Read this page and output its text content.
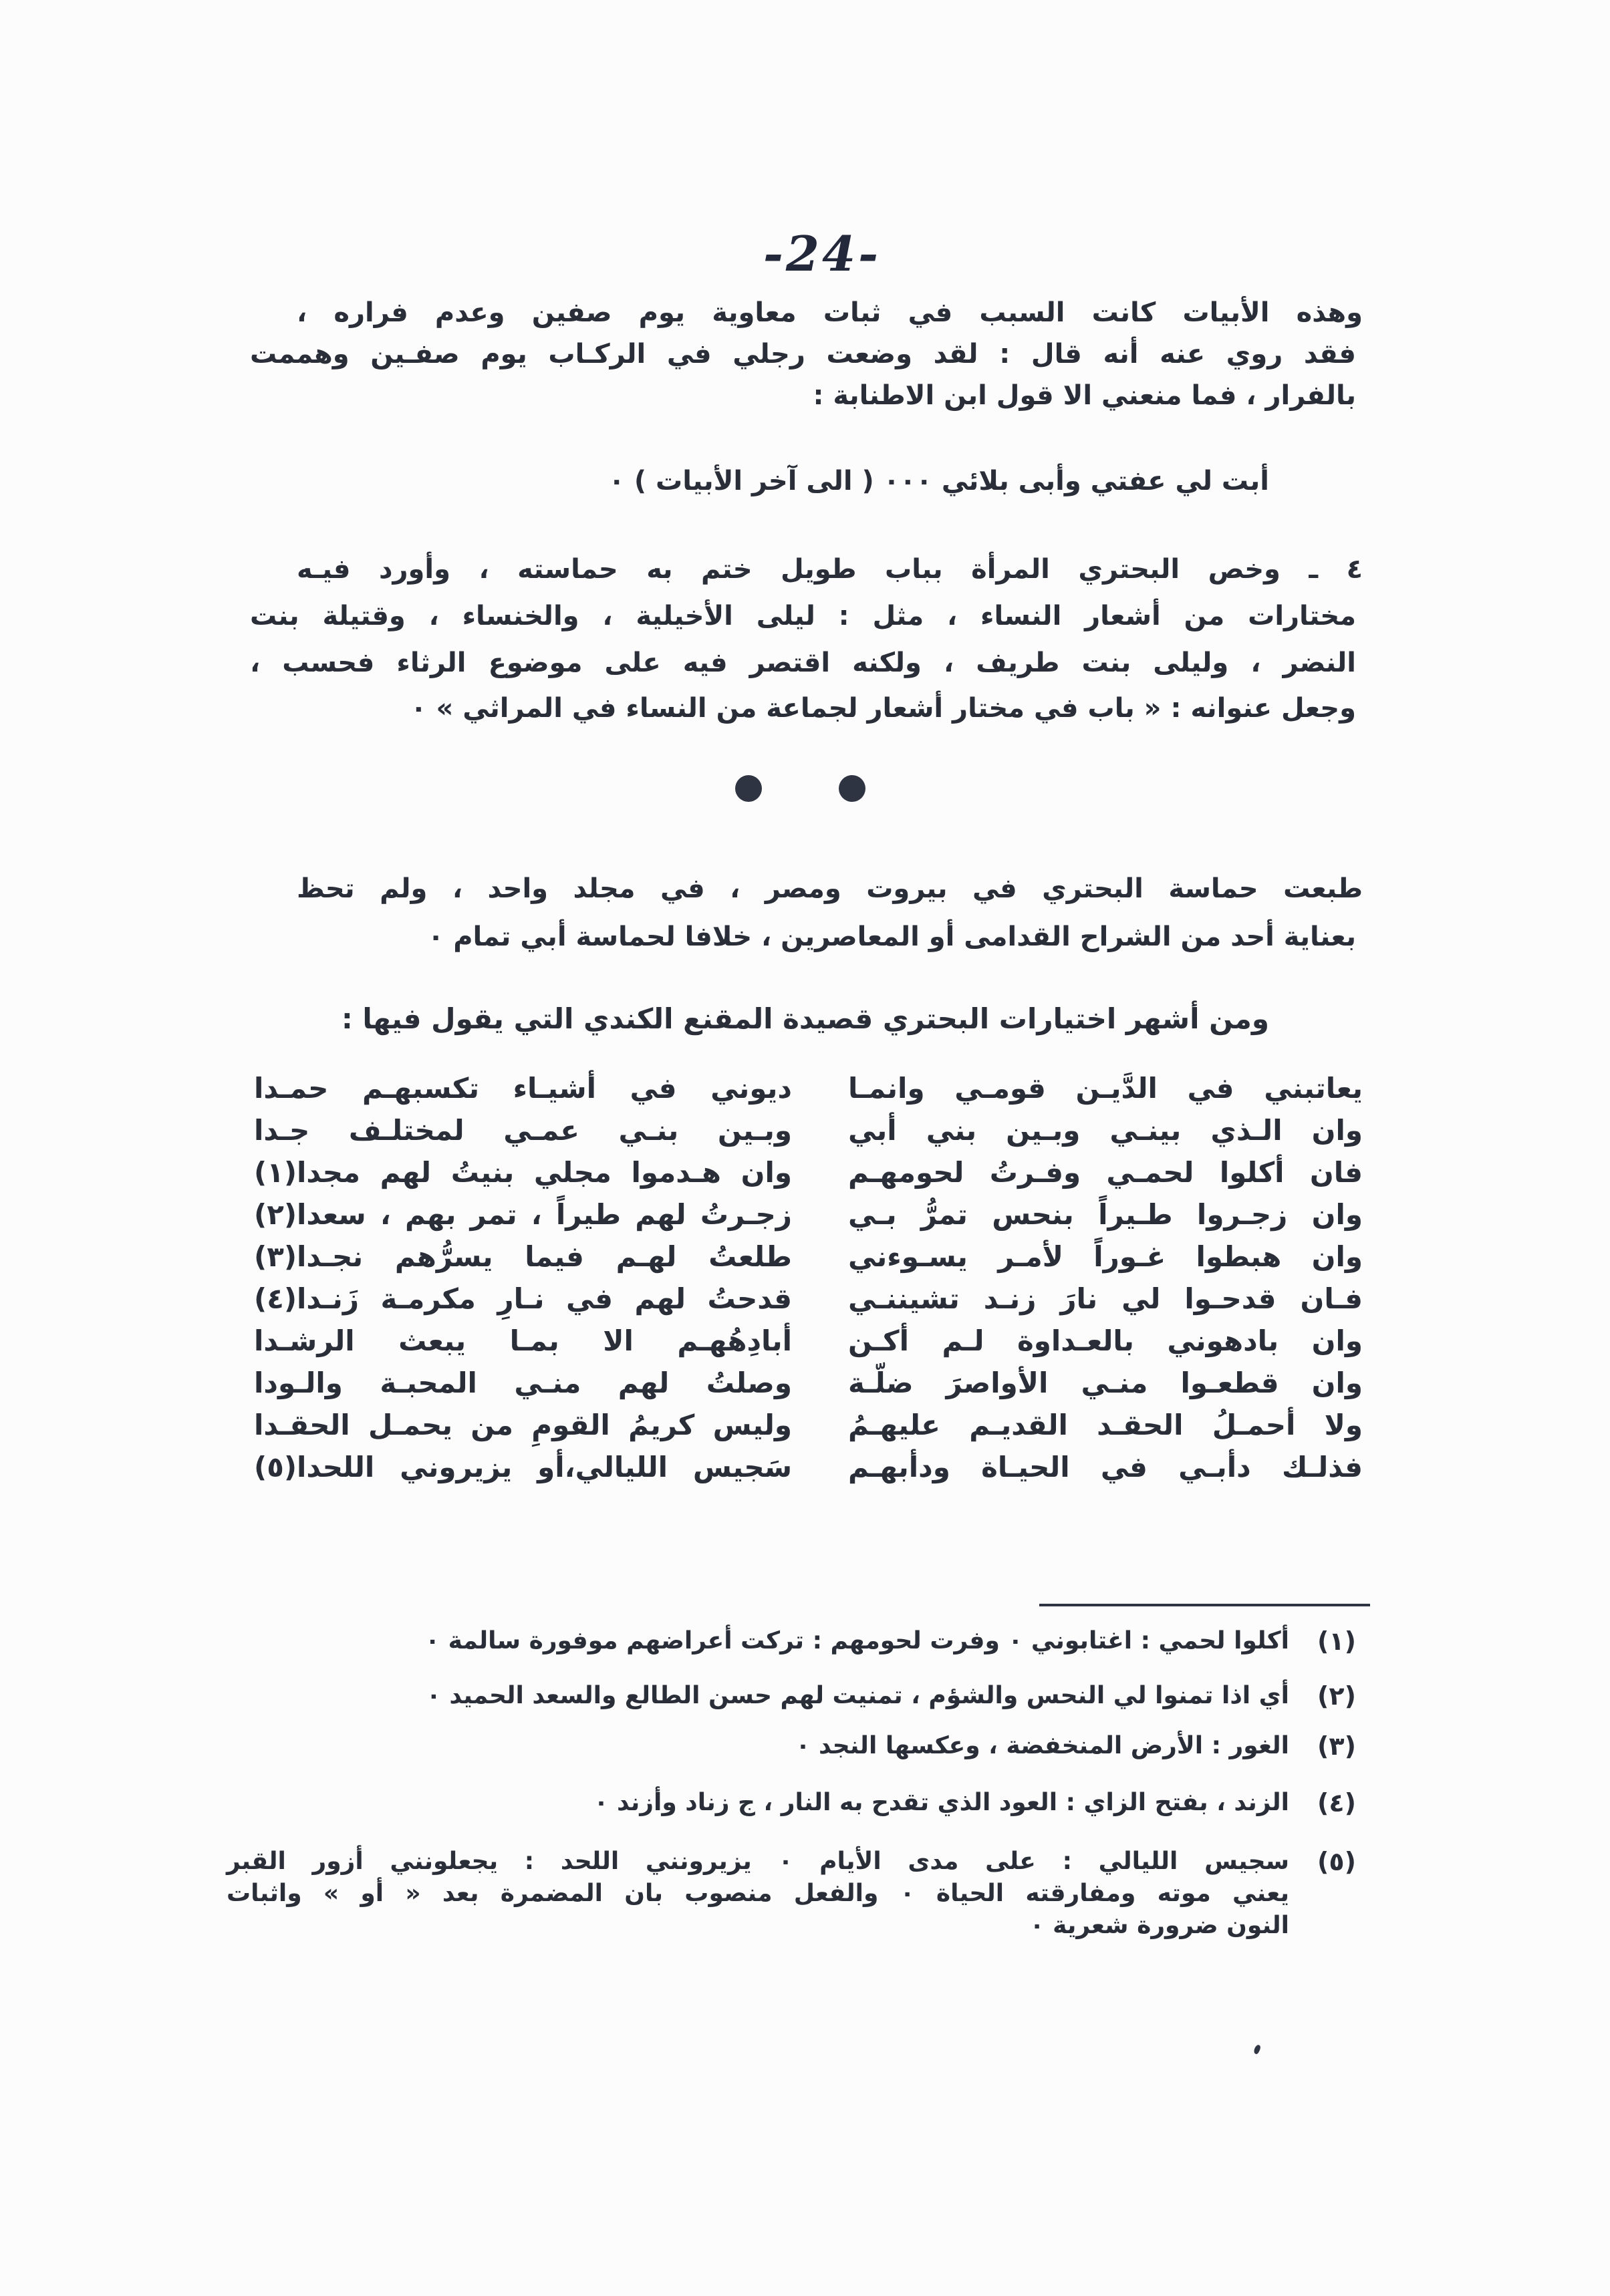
-24-
وهذه الأبيات كانت السبب في ثبات معاوية يوم صفين وعدم فراره ،
فقد روي عنه أنه قال : لقد وضعت رجلي في الركـاب يوم صفـين وهممت
بالفرار ، فما منعني الا قول ابن الاطنابة :
أبت لي عفتي وأبى بلائي ٠٠٠ ( الى آخر الأبيات ) ٠
٤ ـ وخص البحتري المرأة بباب طويل ختم به حماسته ، وأورد فيـه
مختارات من أشعار النساء ، مثل : ليلى الأخيلية ، والخنساء ، وقتيلة بنت
النضر ، وليلى بنت طريف ، ولكنه اقتصر فيه على موضوع الرثاء فحسب ،
وجعل عنوانه : « باب في مختار أشعار لجماعة من النساء في المراثي » ٠
طبعت حماسة البحتري في بيروت ومصر ، في مجلد واحد ، ولم تحظ
بعناية أحد من الشراح القدامى أو المعاصرين ، خلافا لحماسة أبي تمام ٠
ومن أشهر اختيارات البحتري قصيدة المقنع الكندي التي يقول فيها :
يعاتبني في الدَّيـن قومـي وانمـا
ديوني في أشيـاء تكسبهـم حمـدا
وان الـذي بينـي وبـين بني أبي
وبـين بنـي عمـي لمختلـف جـدا
فان أكلوا لحمـي وفـرتُ لحومهـم
وان هـدموا مجلي بنيتُ لهم مجدا(١)
وان زجـروا طـيراً بنحس تمرُّ بـي
زجـرتُ لهم طيراً ، تمر بهم ، سعدا(٢)
وان هبطوا غـوراً لأمـر يسـوءني
طلعتُ لهـم فيما يسرُّهم نجـدا(٣)
فـان قدحـوا لي نارَ زنـد تشيننـي
قدحتُ لهم في نـارِ مكرمـة زَنـدا(٤)
وان بادهوني بالعـداوة لـم أكـن
أبادِهُهـم الا بمـا يبعث الرشـدا
وان قطعـوا منـي الأواصرَ ضلّـة
وصلتُ لهم منـي المحبـة والـودا
ولا أحمـلُ الحقـد القديـم عليهـمُ
وليس كريمُ القومِ من يحمـل الحقـدا
فذلـك دأبـي في الحيـاة ودأبهـم
سَجيس الليالي،أو يزيروني اللحدا(٥)
(١)
أكلوا لحمي : اغتابوني ٠ وفرت لحومهم : تركت أعراضهم موفورة سالمة ٠
(٢)
أي اذا تمنوا لي النحس والشؤم ، تمنيت لهم حسن الطالع والسعد الحميد ٠
(٣)
الغور : الأرض المنخفضة ، وعكسها النجد ٠
(٤)
الزند ، بفتح الزاي : العود الذي تقدح به النار ، ج زناد وأزند ٠
(٥)
سجيس الليالي : على مدى الأيام ٠ يزيرونني اللحد : يجعلونني أزور القبر
يعني موته ومفارقته الحياة ٠ والفعل منصوب بان المضمرة بعد « أو » واثبات
النون ضرورة شعرية ٠
